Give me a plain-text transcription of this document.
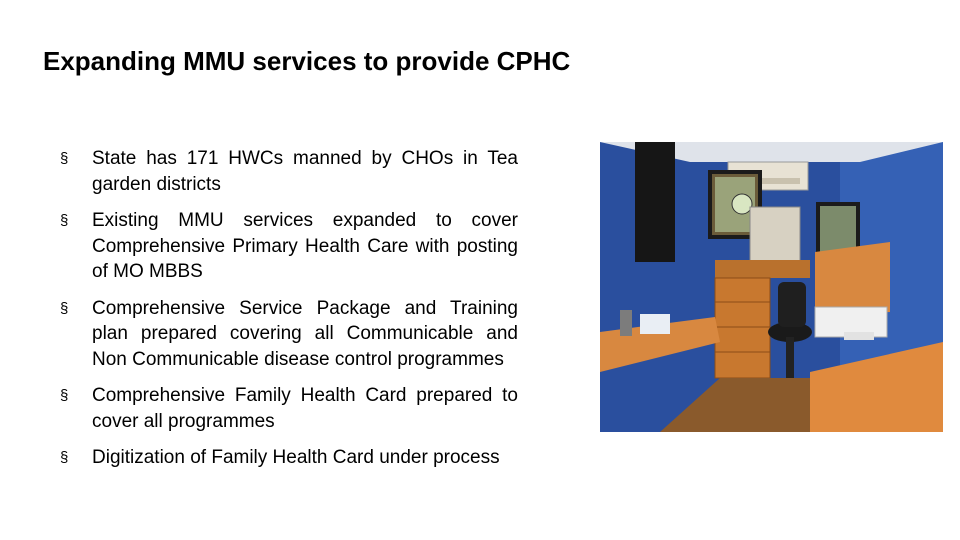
Expanding MMU services to provide CPHC
§ State has 171 HWCs manned by CHOs in Tea garden districts
§ Existing MMU services expanded to cover Comprehensive Primary Health Care with posting of MO MBBS
§ Comprehensive Service Package and Training plan prepared covering all Communicable and Non Communicable disease control programmes
§ Comprehensive Family Health Card prepared to cover all programmes
§ Digitization of Family Health Card under process
